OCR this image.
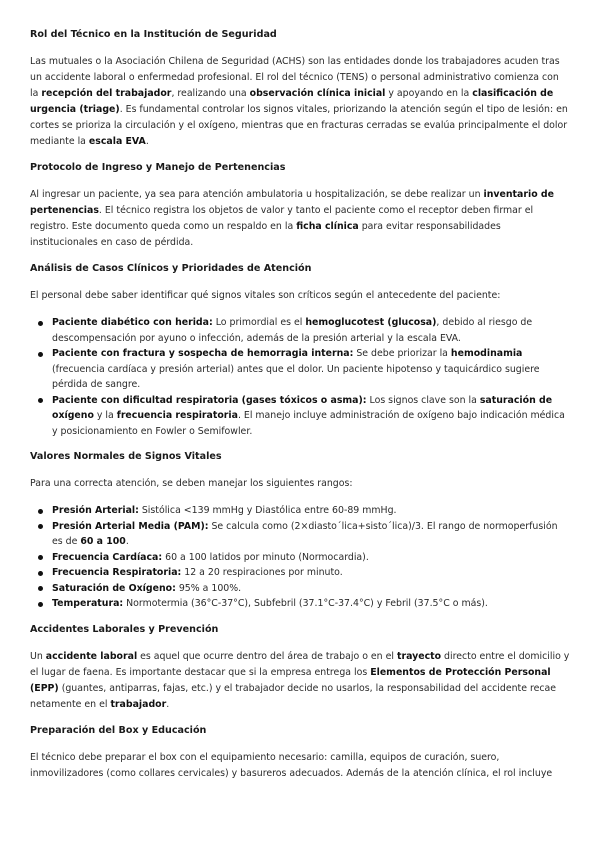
Rol del Técnico en la Institución de Seguridad

Las mutuales o la Asociación Chilena de Seguridad (ACHS) son las entidades donde los trabajadores acuden tras un accidente laboral o enfermedad profesional. El rol del técnico (TENS) o personal administrativo comienza con la recepción del trabajador, realizando una observación clínica inicial y apoyando en la clasificación de urgencia (triage). Es fundamental controlar los signos vitales, priorizando la atención según el tipo de lesión: en cortes se prioriza la circulación y el oxígeno, mientras que en fracturas cerradas se evalúa principalmente el dolor mediante la escala EVA.

Protocolo de Ingreso y Manejo de Pertenencias

Al ingresar un paciente, ya sea para atención ambulatoria u hospitalización, se debe realizar un inventario de pertenencias. El técnico registra los objetos de valor y tanto el paciente como el receptor deben firmar el registro. Este documento queda como un respaldo en la ficha clínica para evitar responsabilidades institucionales en caso de pérdida.

Análisis de Casos Clínicos y Prioridades de Atención

El personal debe saber identificar qué signos vitales son críticos según el antecedente del paciente:

Paciente diabético con herida: Lo primordial es el hemoglucotest (glucosa), debido al riesgo de descompensación por ayuno o infección, además de la presión arterial y la escala EVA.
Paciente con fractura y sospecha de hemorragia interna: Se debe priorizar la hemodinamia (frecuencia cardíaca y presión arterial) antes que el dolor. Un paciente hipotenso y taquicárdico sugiere pérdida de sangre.
Paciente con dificultad respiratoria (gases tóxicos o asma): Los signos clave son la saturación de oxígeno y la frecuencia respiratoria. El manejo incluye administración de oxígeno bajo indicación médica y posicionamiento en Fowler o Semifowler.
Valores Normales de Signos Vitales

Para una correcta atención, se deben manejar los siguientes rangos:

Presión Arterial: Sistólica <139 mmHg y Diastólica entre 60-89 mmHg.
Presión Arterial Media (PAM): Se calcula como (2×diasto´lica+sisto´lica)/3. El rango de normoperfusión es de 60 a 100.
Frecuencia Cardíaca: 60 a 100 latidos por minuto (Normocardia).
Frecuencia Respiratoria: 12 a 20 respiraciones por minuto.
Saturación de Oxígeno: 95% a 100%.
Temperatura: Normotermia (36°C-37°C), Subfebril (37.1°C-37.4°C) y Febril (37.5°C o más).
Accidentes Laborales y Prevención

Un accidente laboral es aquel que ocurre dentro del área de trabajo o en el trayecto directo entre el domicilio y el lugar de faena. Es importante destacar que si la empresa entrega los Elementos de Protección Personal (EPP) (guantes, antiparras, fajas, etc.) y el trabajador decide no usarlos, la responsabilidad del accidente recae netamente en el trabajador.

Preparación del Box y Educación

El técnico debe preparar el box con el equipamiento necesario: camilla, equipos de curación, suero, inmovilizadores (como collares cervicales) y basureros adecuados. Además de la atención clínica, el rol incluye
